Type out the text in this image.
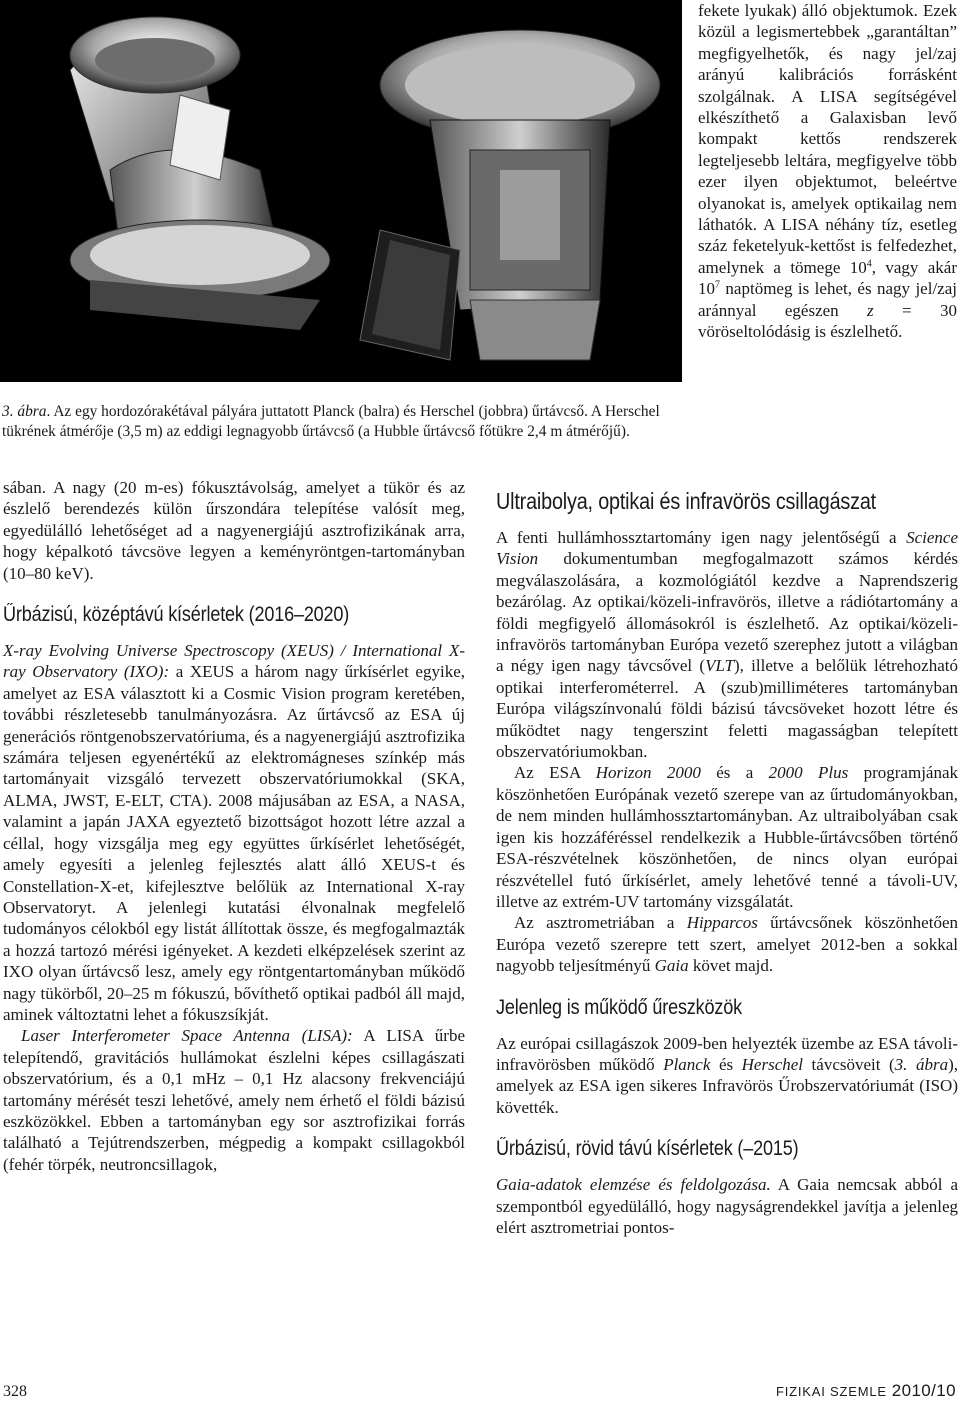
3. ábra. Az egy hordozórakétával pályára juttatott Planck (balra) és Herschel (jobbra) űrtávcső. A Herschel tükrének átmérője (3,5 m) az eddigi legnagyobb űrtávcső (a Hubble űrtávcső főtükre 2,4 m átmérőjű).

fekete lyukak) álló objektumok. Ezek közül a legismertebbek „garantáltan” megfigyelhetők, és nagy jel/zaj arányú kalibrációs forrásként szolgálnak. A LISA segítségével elkészíthető a Galaxisban levő kompakt kettős rendszerek legteljesebb leltára, megfigyelve több ezer ilyen objektumot, beleértve olyanokat is, amelyek optikailag nem láthatók. A LISA néhány tíz, esetleg száz feketelyuk-kettőst is felfedezhet, amelynek a tömege $10^4$, vagy akár $10^7$ naptömeg is lehet, és nagy jel/zaj aránnyal egészen z = 30 vöröseltolódásig is észlelhető.

sában. A nagy (20 m-es) fókusztávolság, amelyet a tükör és az észlelő berendezés külön űrszondára telepítése valósít meg, egyedülálló lehetőséget ad a nagyenergiájú asztrofizikának arra, hogy képalkotó távcsöve legyen a keményröntgen-tartományban (10–80 keV).

Űrbázisú, középtávú kísérletek (2016–2020)

X-ray Evolving Universe Spectroscopy (XEUS) / International X-ray Observatory (IXO): a XEUS a három nagy űrkísérlet egyike, amelyet az ESA választott ki a Cosmic Vision program keretében, további részletesebb tanulmányozásra. Az űrtávcső az ESA új generációs röntgenobszervatóriuma, és a nagyenergiájú asztrofizika számára teljesen egyenértékű az elektromágneses színkép más tartományait vizsgáló tervezett obszervatóriumokkal (SKA, ALMA, JWST, E-ELT, CTA). 2008 májusában az ESA, a NASA, valamint a japán JAXA egyeztető bizottságot hozott létre azzal a céllal, hogy vizsgálja meg egy együttes űrkísérlet lehetőségét, amely egyesíti a jelenleg fejlesztés alatt álló XEUS-t és Constellation-X-et, kifejlesztve belőlük az International X-ray Observatoryt. A jelenlegi kutatási élvonalnak megfelelő tudományos célokból egy listát állítottak össze, és megfogalmazták a hozzá tartozó mérési igényeket. A kezdeti elképzelések szerint az IXO olyan űrtávcső lesz, amely egy röntgentartományban működő nagy tükörből, 20–25 m fókuszú, bővíthető optikai padból áll majd, aminek változtatni lehet a fókuszsíkját.

Laser Interferometer Space Antenna (LISA): A LISA űrbe telepítendő, gravitációs hullámokat észlelni képes csillagászati obszervatórium, és a 0,1 mHz – 0,1 Hz alacsony frekvenciájú tartomány mérését teszi lehetővé, amely nem érhető el földi bázisú eszközökkel. Ebben a tartományban egy sor asztrofizikai forrás található a Tejútrendszerben, mégpedig a kompakt csillagokból (fehér törpék, neutroncsillagok,

Ultraibolya, optikai és infravörös csillagászat

A fenti hullámhossztartomány igen nagy jelentőségű a Science Vision dokumentumban megfogalmazott számos kérdés megválaszolására, a kozmológiától kezdve a Naprendszerig bezárólag. Az optikai/közeli-infravörös, illetve a rádiótartomány a földi megfigyelő állomásokról is észlelhető. Az optikai/közeli-infravörös tartományban Európa vezető szerephez jutott a világban a négy igen nagy távcsővel (VLT), illetve a belőlük létrehozható optikai interferométerrel. A (szub)milliméteres tartományban Európa világszínvonalú földi bázisú távcsöveket hozott létre és működtet nagy tengerszint feletti magasságban telepített obszervatóriumokban.

Az ESA Horizon 2000 és a 2000 Plus programjának köszönhetően Európának vezető szerepe van az űrtudományokban, de nem minden hullámhossztartományban. Az ultraibolyában csak igen kis hozzáféréssel rendelkezik a Hubble-űrtávcsőben történő ESA-részvételnek köszönhetően, de nincs olyan európai részvétellel futó űrkísérlet, amely lehetővé tenné a távoli-UV, illetve az extrém-UV tartomány vizsgálatát.

Az asztrometriában a Hipparcos űrtávcsőnek köszönhetően Európa vezető szerepre tett szert, amelyet 2012-ben a sokkal nagyobb teljesítményű Gaia követ majd.

Jelenleg is működő űreszközök

Az európai csillagászok 2009-ben helyezték üzembe az ESA távoli-infravörösben működő Planck és Herschel távcsöveit (3. ábra), amelyek az ESA igen sikeres Infravörös Űrobszervatóriumát (ISO) követték.

Űrbázisú, rövid távú kísérletek (–2015)

Gaia-adatok elemzése és feldolgozása. A Gaia nemcsak abból a szempontból egyedülálló, hogy nagyságrendekkel javítja a jelenleg elért asztrometriai pontos-

328	FIZIKAI SZEMLE 2010/10
